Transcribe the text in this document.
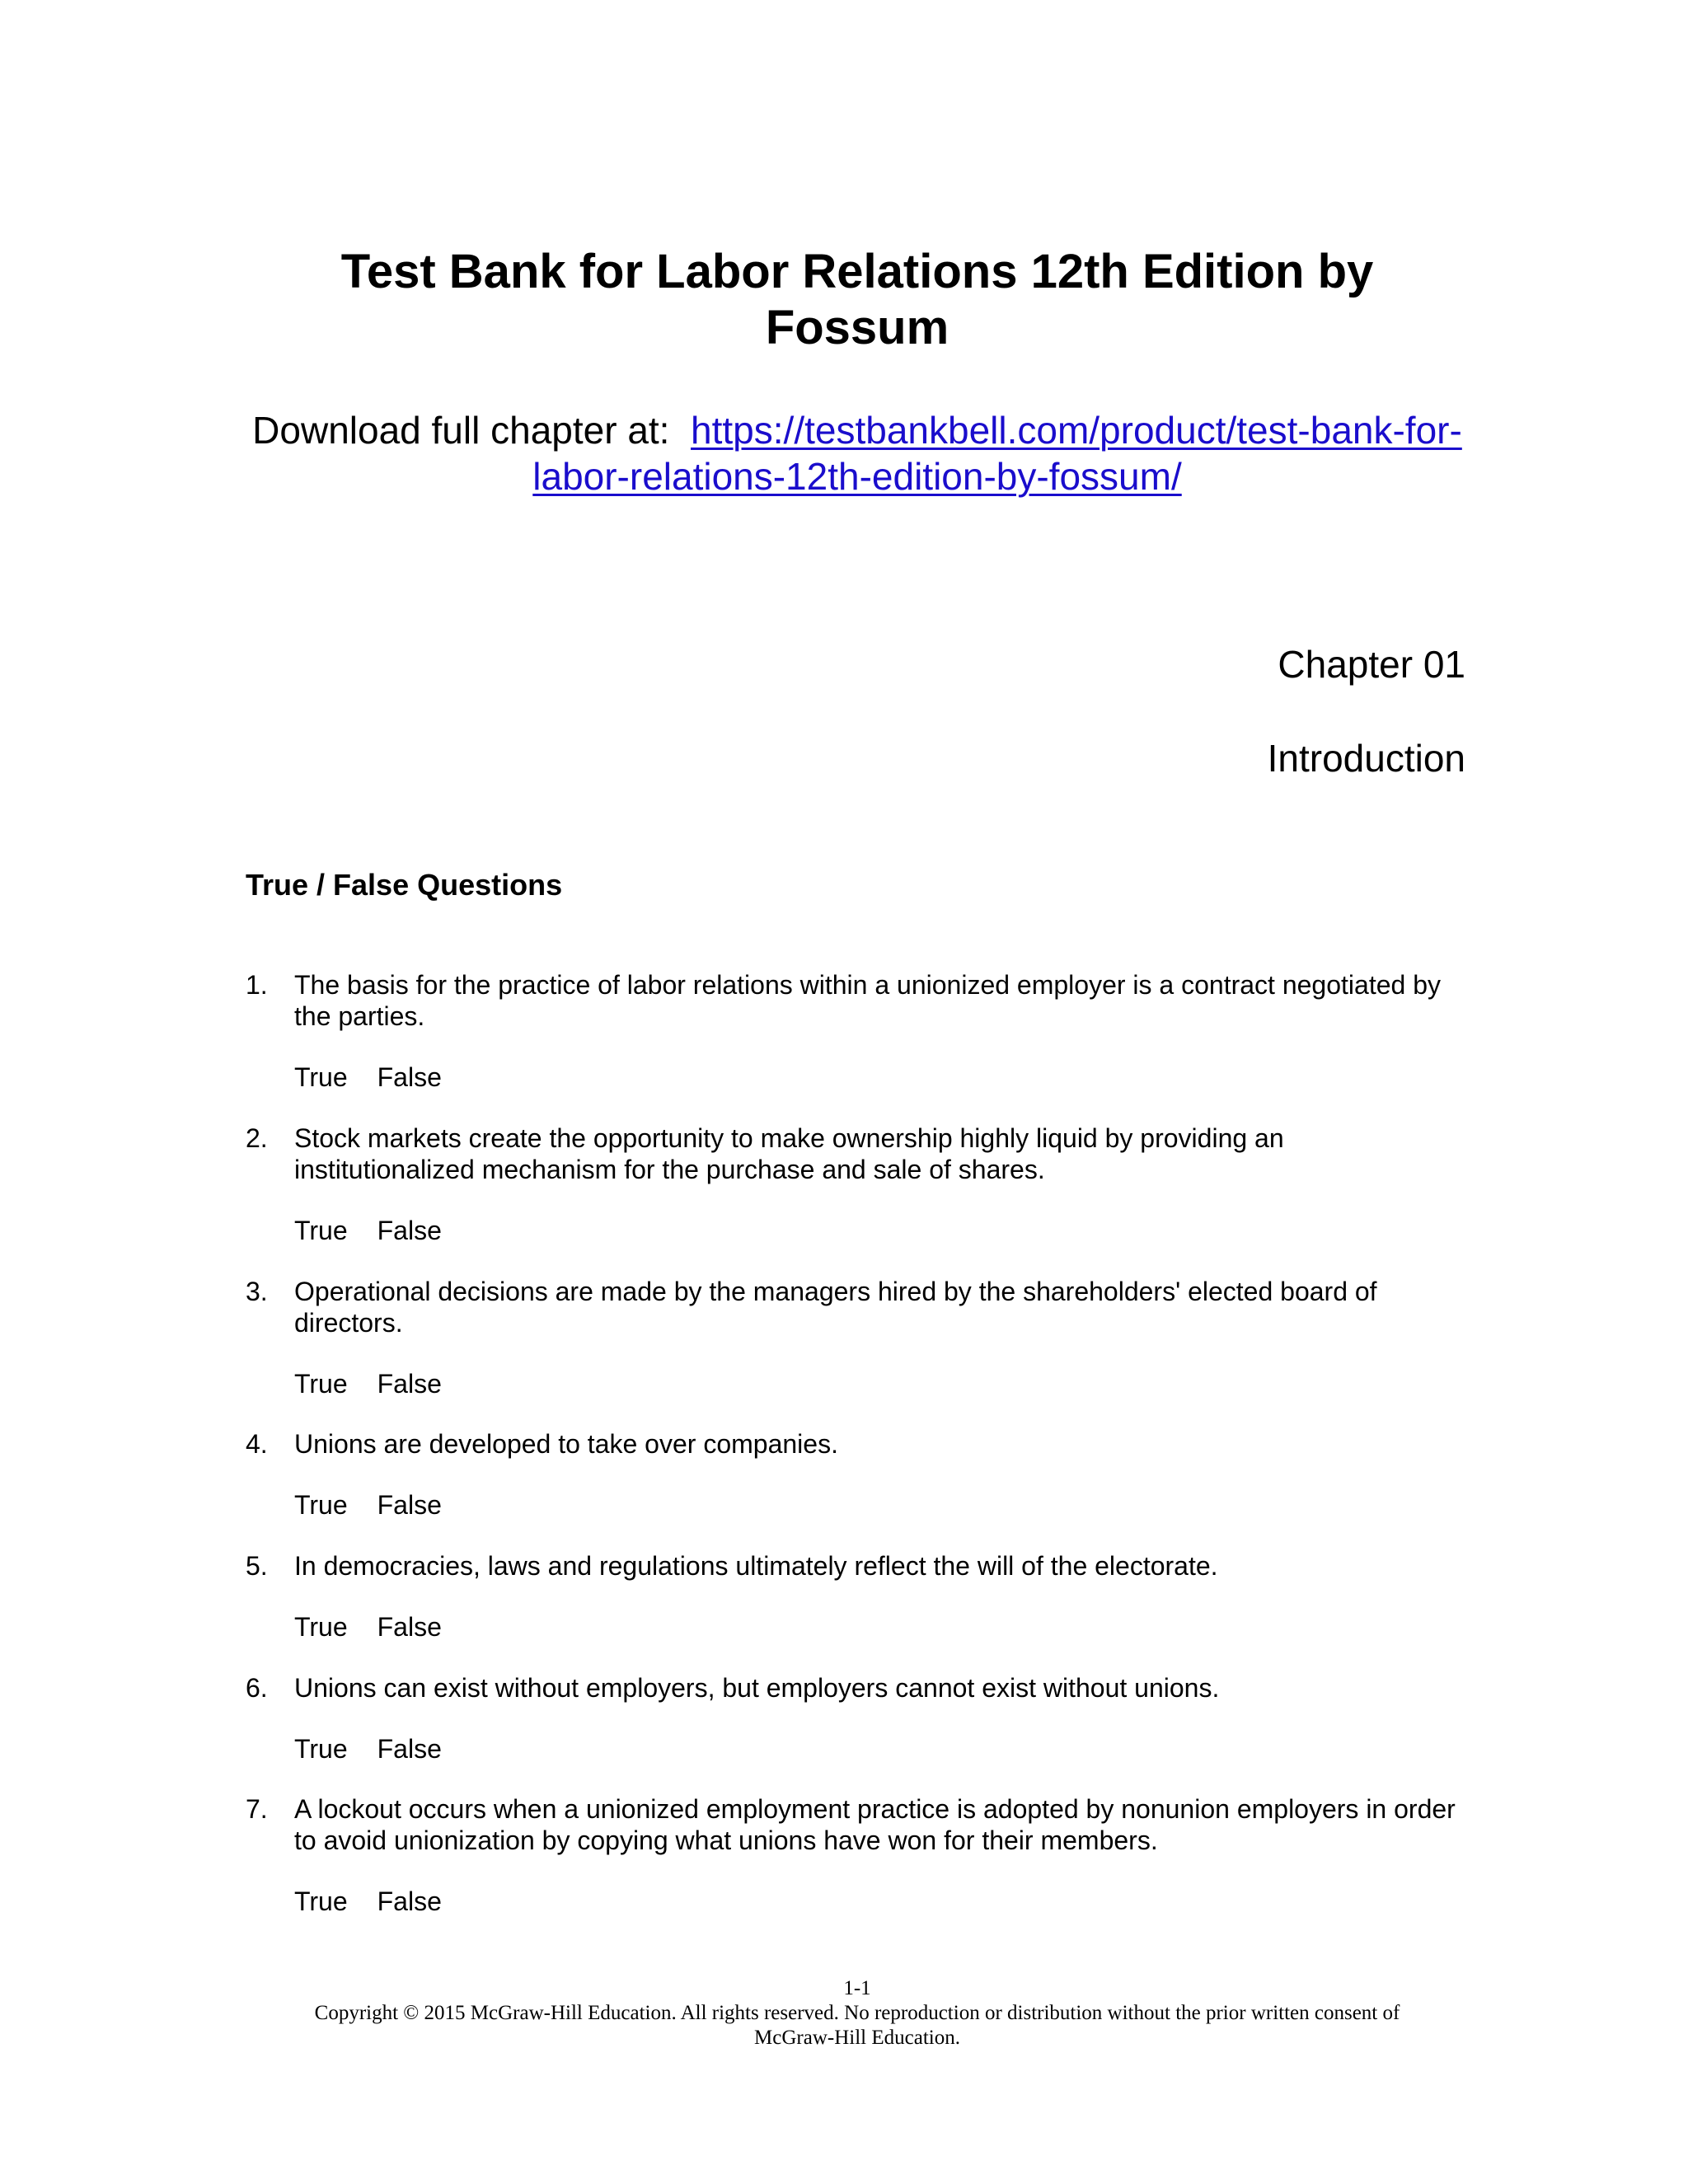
Test Bank for Labor Relations 12th Edition by
Fossum

Download full chapter at: https://testbankbell.com/product/test-bank-for-
labor-relations-12th-edition-by-fossum/

Chapter 01

Introduction

True / False Questions
1. The basis for the practice of labor relations within a unionized employer is a contract negotiated by the parties.
True False
2. Stock markets create the opportunity to make ownership highly liquid by providing an institutionalized mechanism for the purchase and sale of shares.
True False
3. Operational decisions are made by the managers hired by the shareholders' elected board of directors.
True False
4. Unions are developed to take over companies.
True False
5. In democracies, laws and regulations ultimately reflect the will of the electorate.
True False
6. Unions can exist without employers, but employers cannot exist without unions.
True False
7. A lockout occurs when a unionized employment practice is adopted by nonunion employers in order to avoid unionization by copying what unions have won for their members.
True False
1-1
Copyright © 2015 McGraw-Hill Education. All rights reserved. No reproduction or distribution without the prior written consent of
McGraw-Hill Education.
